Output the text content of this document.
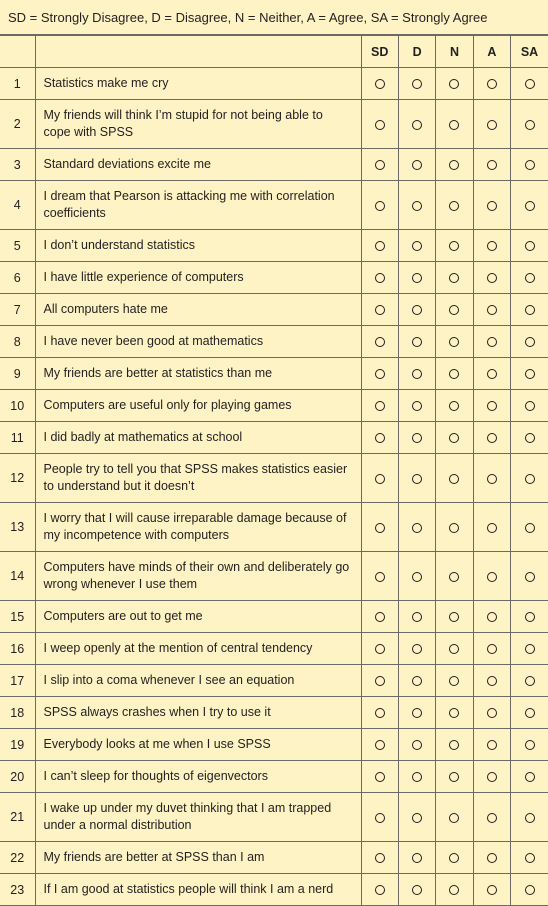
SD = Strongly Disagree, D = Disagree, N = Neither, A = Agree, SA = Strongly Agree
		SD	D	N	A	SA
1	Statistics make me cry					
2	My friends will think I’m stupid for not being able to cope with SPSS					
3	Standard deviations excite me					
4	I dream that Pearson is attacking me with correlation coefficients					
5	I don’t understand statistics					
6	I have little experience of computers					
7	All computers hate me					
8	I have never been good at mathematics					
9	My friends are better at statistics than me					
10	Computers are useful only for playing games					
11	I did badly at mathematics at school					
12	People try to tell you that SPSS makes statistics easier to understand but it doesn’t					
13	I worry that I will cause irreparable damage because of my incompetence with computers					
14	Computers have minds of their own and deliberately go wrong whenever I use them					
15	Computers are out to get me					
16	I weep openly at the mention of central tendency					
17	I slip into a coma whenever I see an equation					
18	SPSS always crashes when I try to use it					
19	Everybody looks at me when I use SPSS					
20	I can’t sleep for thoughts of eigenvectors					
21	I wake up under my duvet thinking that I am trapped under a normal distribution					
22	My friends are better at SPSS than I am					
23	If I am good at statistics people will think I am a nerd					
